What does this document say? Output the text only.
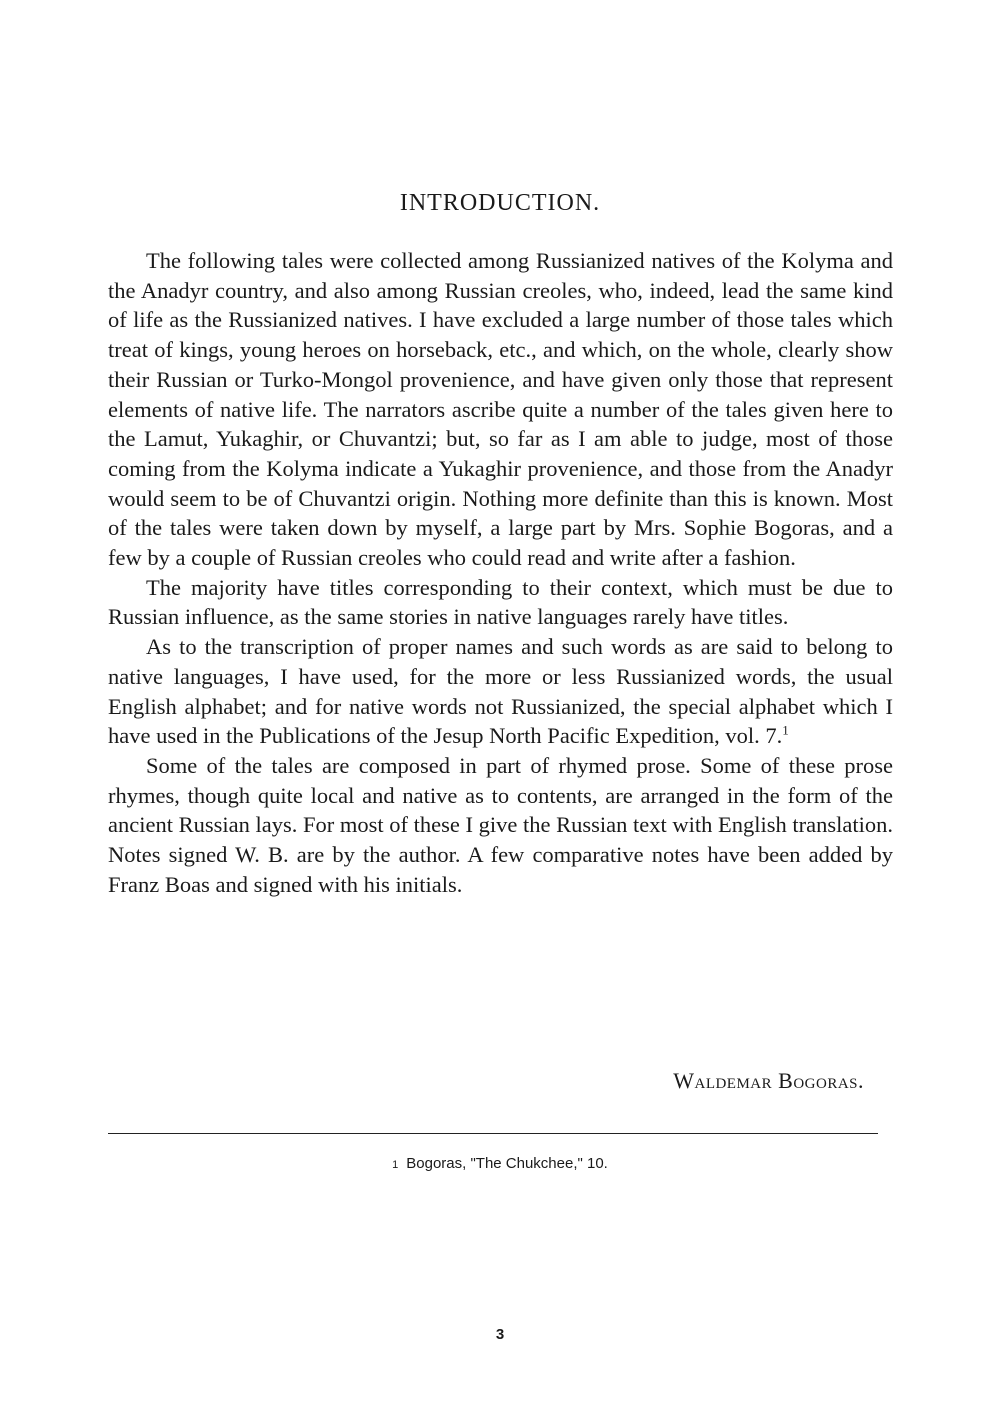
INTRODUCTION.

The following tales were collected among Russianized natives of the Kolyma and the Anadyr country, and also among Russian creoles, who, indeed, lead the same kind of life as the Russianized natives. I have excluded a large number of those tales which treat of kings, young heroes on horseback, etc., and which, on the whole, clearly show their Russian or Turko-Mongol provenience, and have given only those that represent elements of native life. The narrators ascribe quite a number of the tales given here to the Lamut, Yukaghir, or Chuvantzi; but, so far as I am able to judge, most of those coming from the Kolyma indicate a Yukaghir provenience, and those from the Anadyr would seem to be of Chuvantzi origin. Nothing more definite than this is known. Most of the tales were taken down by myself, a large part by Mrs. Sophie Bogoras, and a few by a couple of Russian creoles who could read and write after a fashion.

The majority have titles corresponding to their context, which must be due to Russian influence, as the same stories in native languages rarely have titles.

As to the transcription of proper names and such words as are said to belong to native languages, I have used, for the more or less Russianized words, the usual English alphabet; and for native words not Russianized, the special alphabet which I have used in the Publications of the Jesup North Pacific Expedition, vol. 7.$^1$

Some of the tales are composed in part of rhymed prose. Some of these prose rhymes, though quite local and native as to contents, are arranged in the form of the ancient Russian lays. For most of these I give the Russian text with English translation. Notes signed W. B. are by the author. A few comparative notes have been added by Franz Boas and signed with his initials.

Waldemar Bogoras.
1 Bogoras, "The Chukchee," 10.
3
